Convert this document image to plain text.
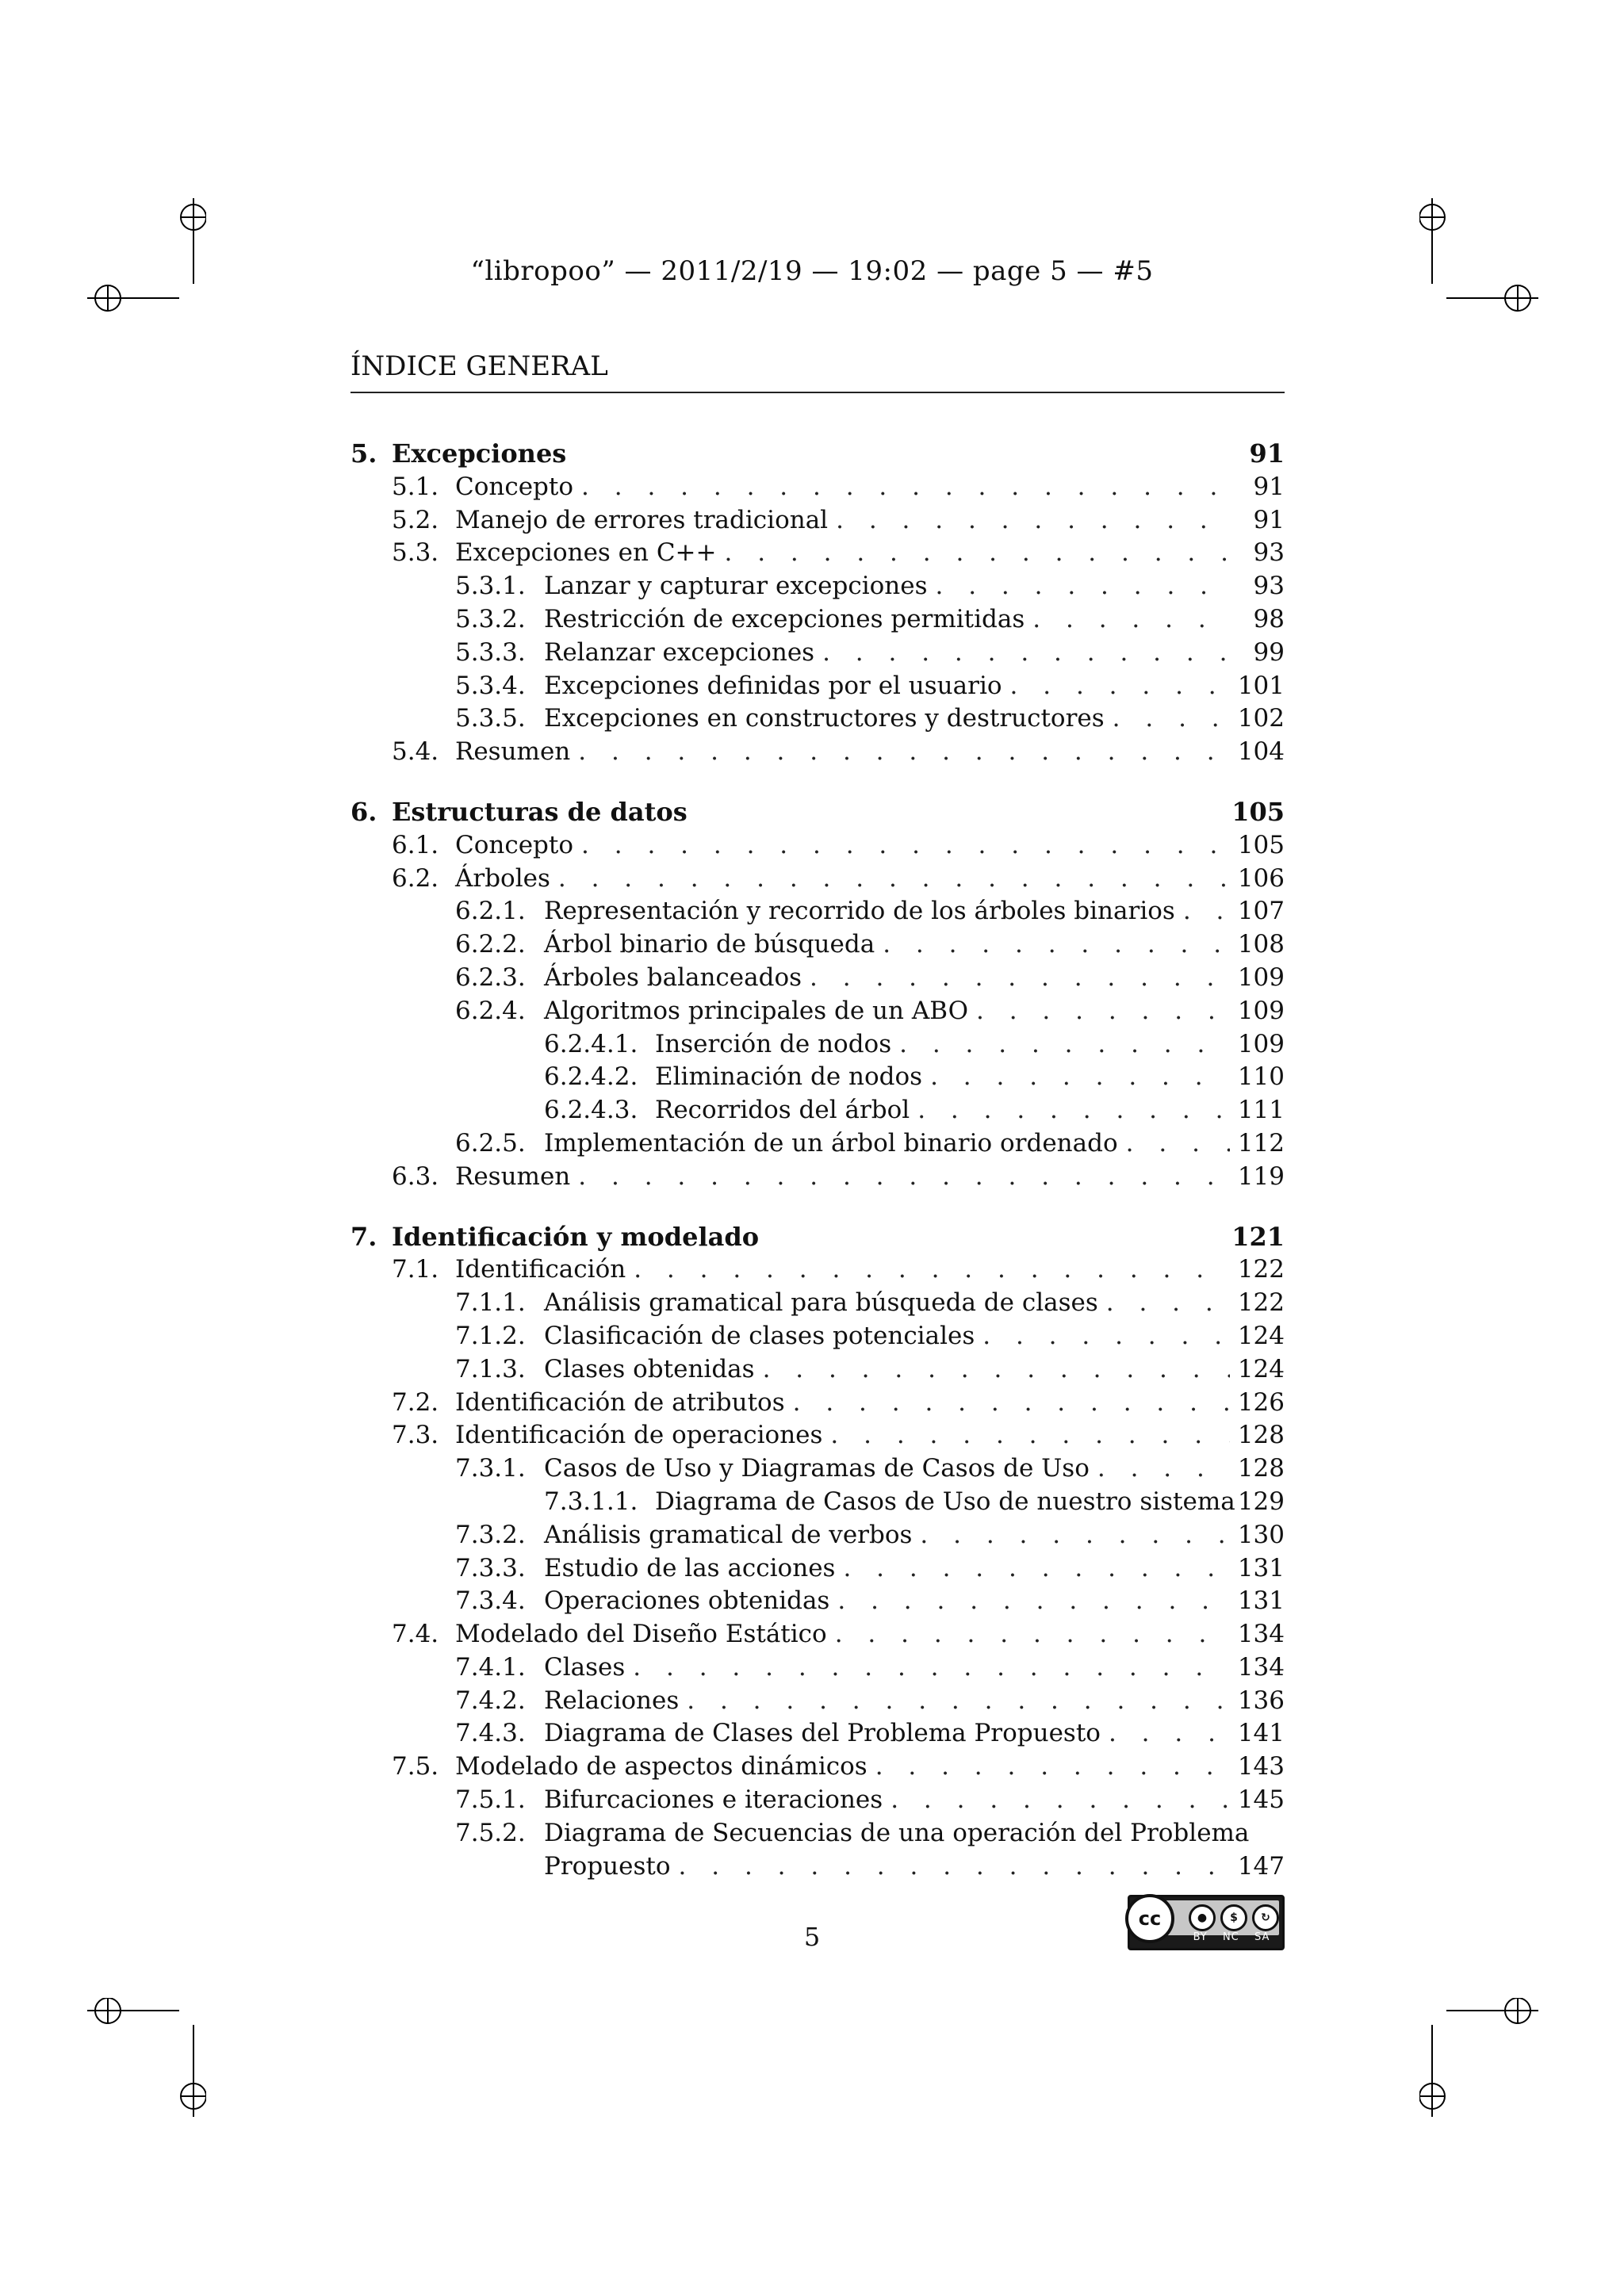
“libropoo” — 2011/2/19 — 19:02 — page 5 — #5
ÍNDICE GENERAL
5. Excepciones	91
5.1. Concepto . . .	91
5.2. Manejo de errores tradicional . . .	91
5.3. Excepciones en C++ . . .	93
5.3.1. Lanzar y capturar excepciones . . .	93
5.3.2. Restricción de excepciones permitidas . . .	98
5.3.3. Relanzar excepciones . . .	99
5.3.4. Excepciones definidas por el usuario . . .	101
5.3.5. Excepciones en constructores y destructores . . .	102
5.4. Resumen . . .	104
6. Estructuras de datos	105
6.1. Concepto . . .	105
6.2. Árboles . . .	106
6.2.1. Representación y recorrido de los árboles binarios . . .	107
6.2.2. Árbol binario de búsqueda . . .	108
6.2.3. Árboles balanceados . . .	109
6.2.4. Algoritmos principales de un ABO . . .	109
6.2.4.1. Inserción de nodos . . .	109
6.2.4.2. Eliminación de nodos . . .	110
6.2.4.3. Recorridos del árbol . . .	111
6.2.5. Implementación de un árbol binario ordenado . . .	112
6.3. Resumen . . .	119
7. Identificación y modelado	121
7.1. Identificación . . .	122
7.1.1. Análisis gramatical para búsqueda de clases . . .	122
7.1.2. Clasificación de clases potenciales . . .	124
7.1.3. Clases obtenidas . . .	124
7.2. Identificación de atributos . . .	126
7.3. Identificación de operaciones . . .	128
7.3.1. Casos de Uso y Diagramas de Casos de Uso . . .	128
7.3.1.1. Diagrama de Casos de Uso de nuestro sistema 129
7.3.2. Análisis gramatical de verbos . . .	130
7.3.3. Estudio de las acciones . . .	131
7.3.4. Operaciones obtenidas . . .	131
7.4. Modelado del Diseño Estático . . .	134
7.4.1. Clases . . .	134
7.4.2. Relaciones . . .	136
7.4.3. Diagrama de Clases del Problema Propuesto . . .	141
7.5. Modelado de aspectos dinámicos . . .	143
7.5.1. Bifurcaciones e iteraciones . . .	145
7.5.2. Diagrama de Secuencias de una operación del Problema
Propuesto . . .	147
5
●	$	↻
cc
BY NC SA
